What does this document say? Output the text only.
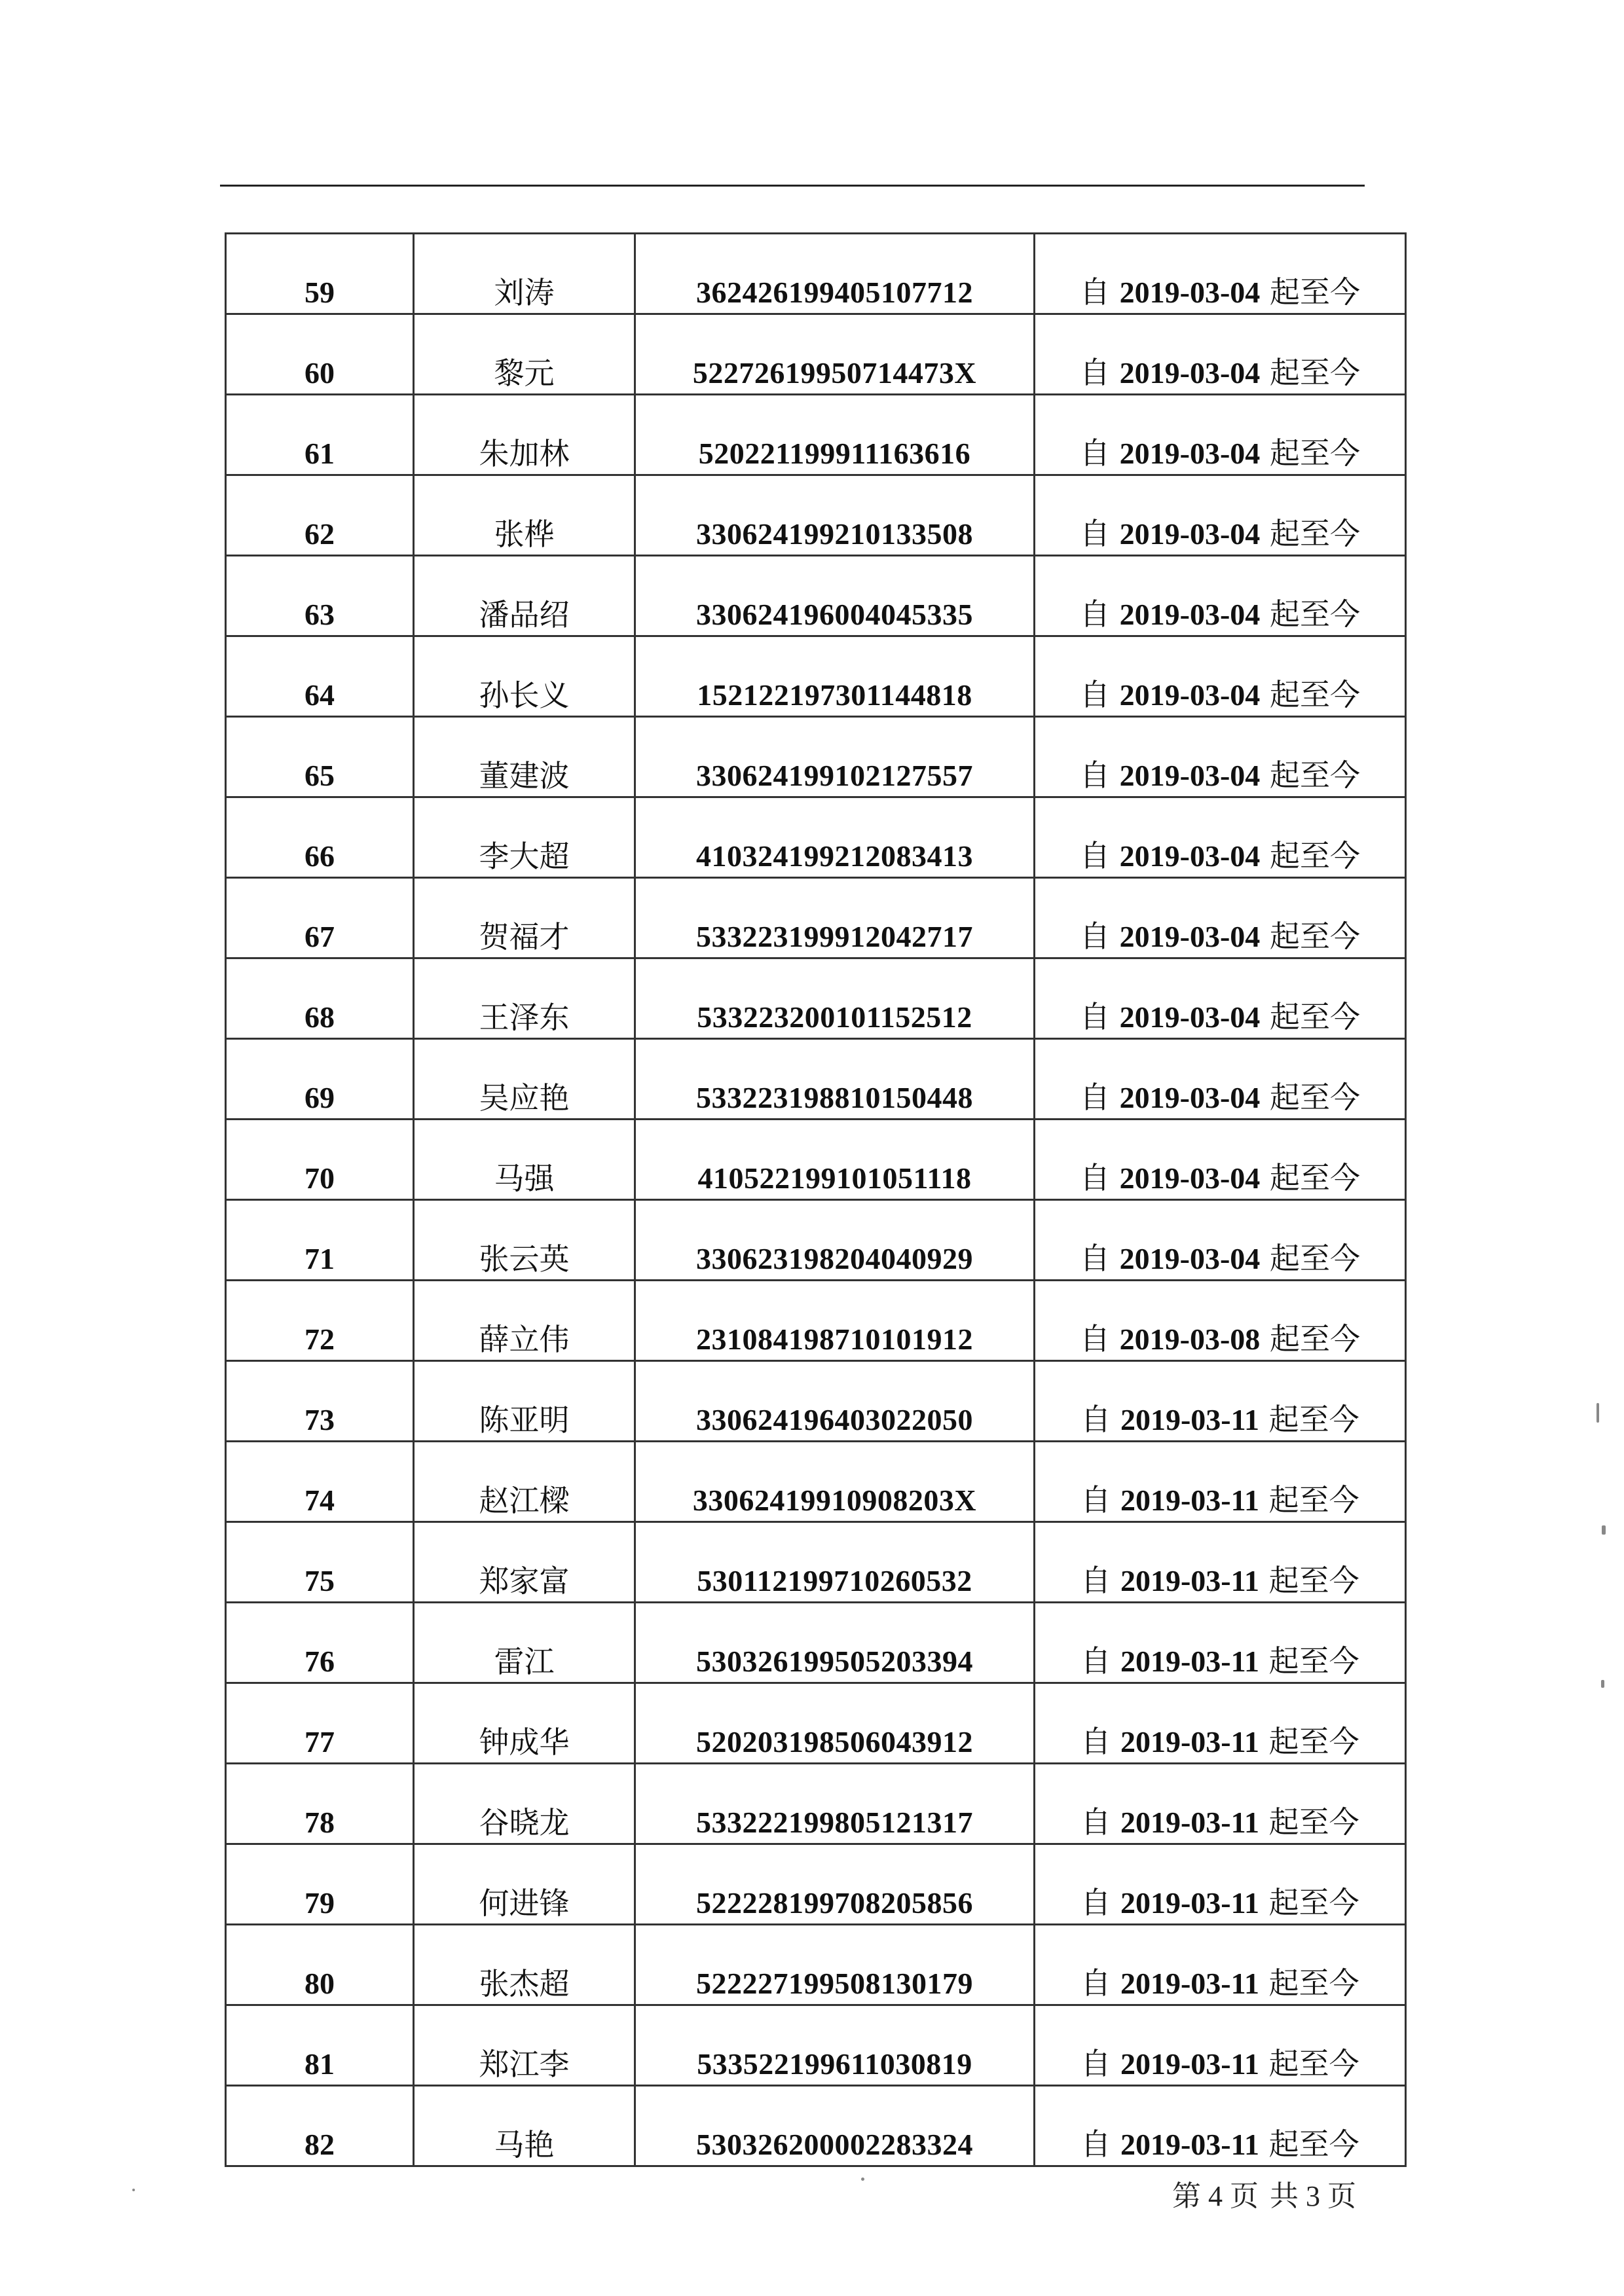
59	刘涛	362426199405107712	自 2019-03-04 起至今
60	黎元	52272619950714473X	自 2019-03-04 起至今
61	朱加林	520221199911163616	自 2019-03-04 起至今
62	张桦	330624199210133508	自 2019-03-04 起至今
63	潘品绍	330624196004045335	自 2019-03-04 起至今
64	孙长义	152122197301144818	自 2019-03-04 起至今
65	董建波	330624199102127557	自 2019-03-04 起至今
66	李大超	410324199212083413	自 2019-03-04 起至今
67	贺福才	533223199912042717	自 2019-03-04 起至今
68	王泽东	533223200101152512	自 2019-03-04 起至今
69	吴应艳	533223198810150448	自 2019-03-04 起至今
70	马强	410522199101051118	自 2019-03-04 起至今
71	张云英	330623198204040929	自 2019-03-04 起至今
72	薛立伟	231084198710101912	自 2019-03-08 起至今
73	陈亚明	330624196403022050	自 2019-03-11 起至今
74	赵江樑	33062419910908203X	自 2019-03-11 起至今
75	郑家富	530112199710260532	自 2019-03-11 起至今
76	雷江	530326199505203394	自 2019-03-11 起至今
77	钟成华	520203198506043912	自 2019-03-11 起至今
78	谷晓龙	533222199805121317	自 2019-03-11 起至今
79	何进锋	522228199708205856	自 2019-03-11 起至今
80	张杰超	522227199508130179	自 2019-03-11 起至今
81	郑江李	533522199611030819	自 2019-03-11 起至今
82	马艳	530326200002283324	自 2019-03-11 起至今
第 4 页 共 3 页
